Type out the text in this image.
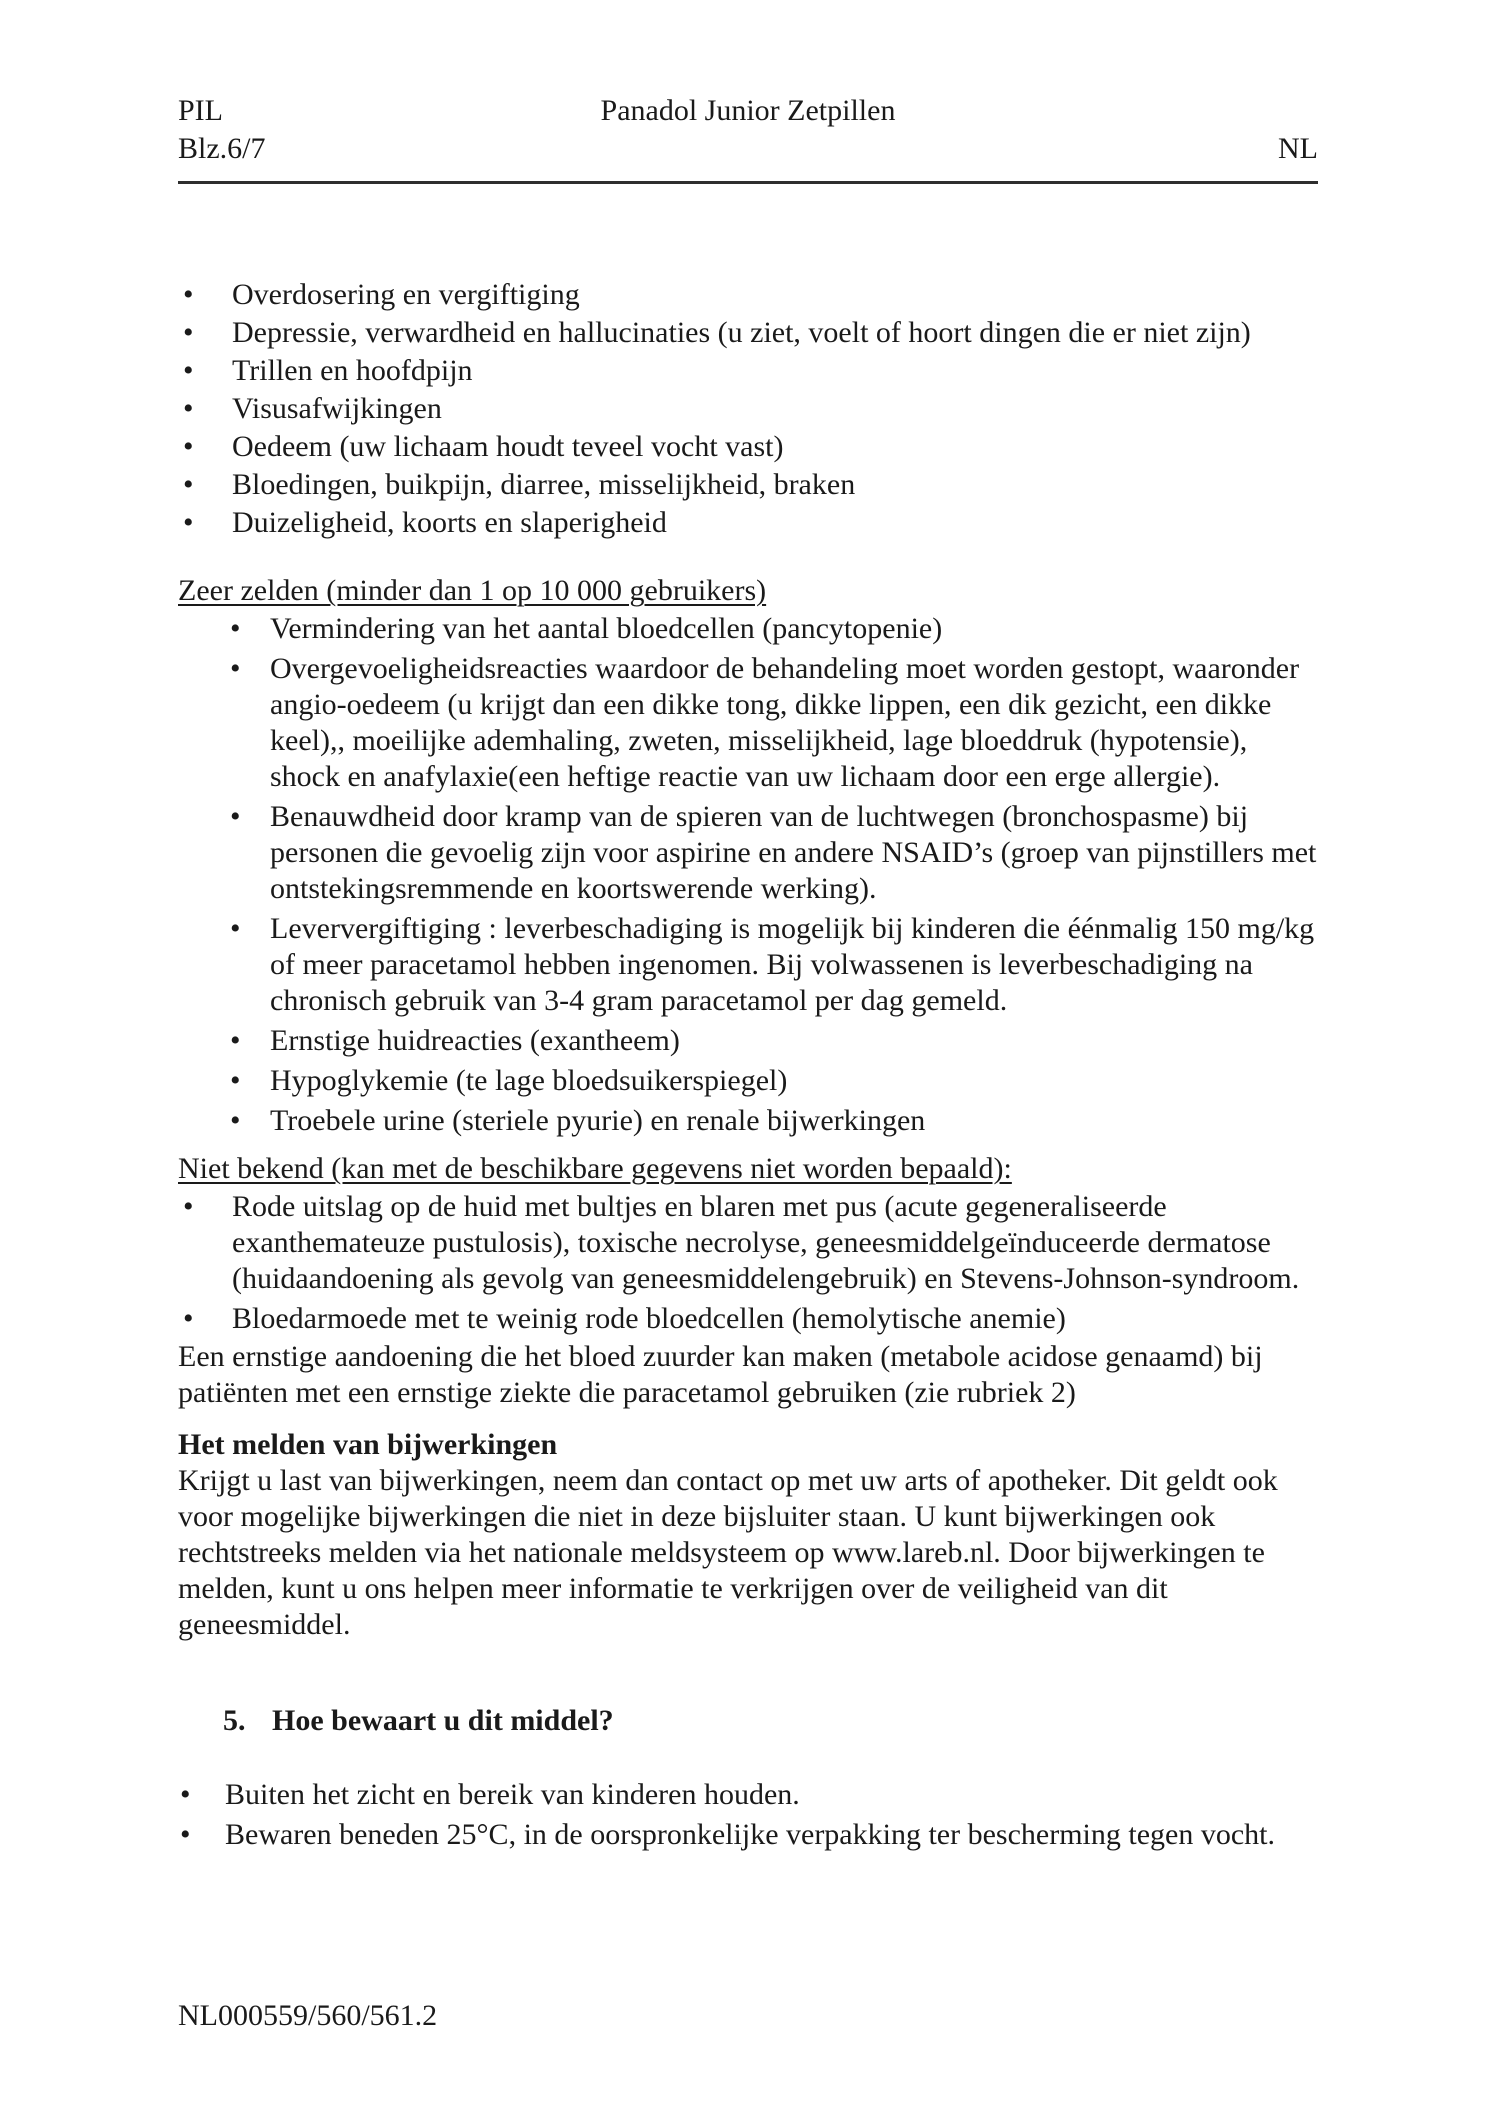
PIL	Panadol Junior Zetpillen
Blz.6/7	NL
• Overdosering en vergiftiging
• Depressie, verwardheid en hallucinaties (u ziet, voelt of hoort dingen die er niet zijn)
• Trillen en hoofdpijn
• Visusafwijkingen
• Oedeem (uw lichaam houdt teveel vocht vast)
• Bloedingen, buikpijn, diarree, misselijkheid, braken
• Duizeligheid, koorts en slaperigheid
Zeer zelden (minder dan 1 op 10 000 gebruikers)
• Vermindering van het aantal bloedcellen (pancytopenie)
• Overgevoeligheidsreacties waardoor de behandeling moet worden gestopt, waaronder angio-oedeem (u krijgt dan een dikke tong, dikke lippen, een dik gezicht, een dikke keel),, moeilijke ademhaling, zweten, misselijkheid, lage bloeddruk (hypotensie), shock en anafylaxie(een heftige reactie van uw lichaam door een erge allergie).
• Benauwdheid door kramp van de spieren van de luchtwegen (bronchospasme) bij personen die gevoelig zijn voor aspirine en andere NSAID’s (groep van pijnstillers met ontstekingsremmende en koortswerende werking).
• Leververgiftiging : leverbeschadiging is mogelijk bij kinderen die éénmalig 150 mg/kg of meer paracetamol hebben ingenomen. Bij volwassenen is leverbeschadiging na chronisch gebruik van 3-4 gram paracetamol per dag gemeld.
• Ernstige huidreacties (exantheem)
• Hypoglykemie (te lage bloedsuikerspiegel)
• Troebele urine (steriele pyurie) en renale bijwerkingen
Niet bekend (kan met de beschikbare gegevens niet worden bepaald):
• Rode uitslag op de huid met bultjes en blaren met pus (acute gegeneraliseerde exanthemateuze pustulosis), toxische necrolyse, geneesmiddelgeïnduceerde dermatose (huidaandoening als gevolg van geneesmiddelengebruik) en Stevens-Johnson-syndroom.
• Bloedarmoede met te weinig rode bloedcellen (hemolytische anemie)
Een ernstige aandoening die het bloed zuurder kan maken (metabole acidose genaamd) bij patiënten met een ernstige ziekte die paracetamol gebruiken (zie rubriek 2)
Het melden van bijwerkingen
Krijgt u last van bijwerkingen, neem dan contact op met uw arts of apotheker. Dit geldt ook voor mogelijke bijwerkingen die niet in deze bijsluiter staan. U kunt bijwerkingen ook rechtstreeks melden via het nationale meldsysteem op www.lareb.nl. Door bijwerkingen te melden, kunt u ons helpen meer informatie te verkrijgen over de veiligheid van dit geneesmiddel.
5. Hoe bewaart u dit middel?
• Buiten het zicht en bereik van kinderen houden.
• Bewaren beneden 25°C, in de oorspronkelijke verpakking ter bescherming tegen vocht.
NL000559/560/561.2
